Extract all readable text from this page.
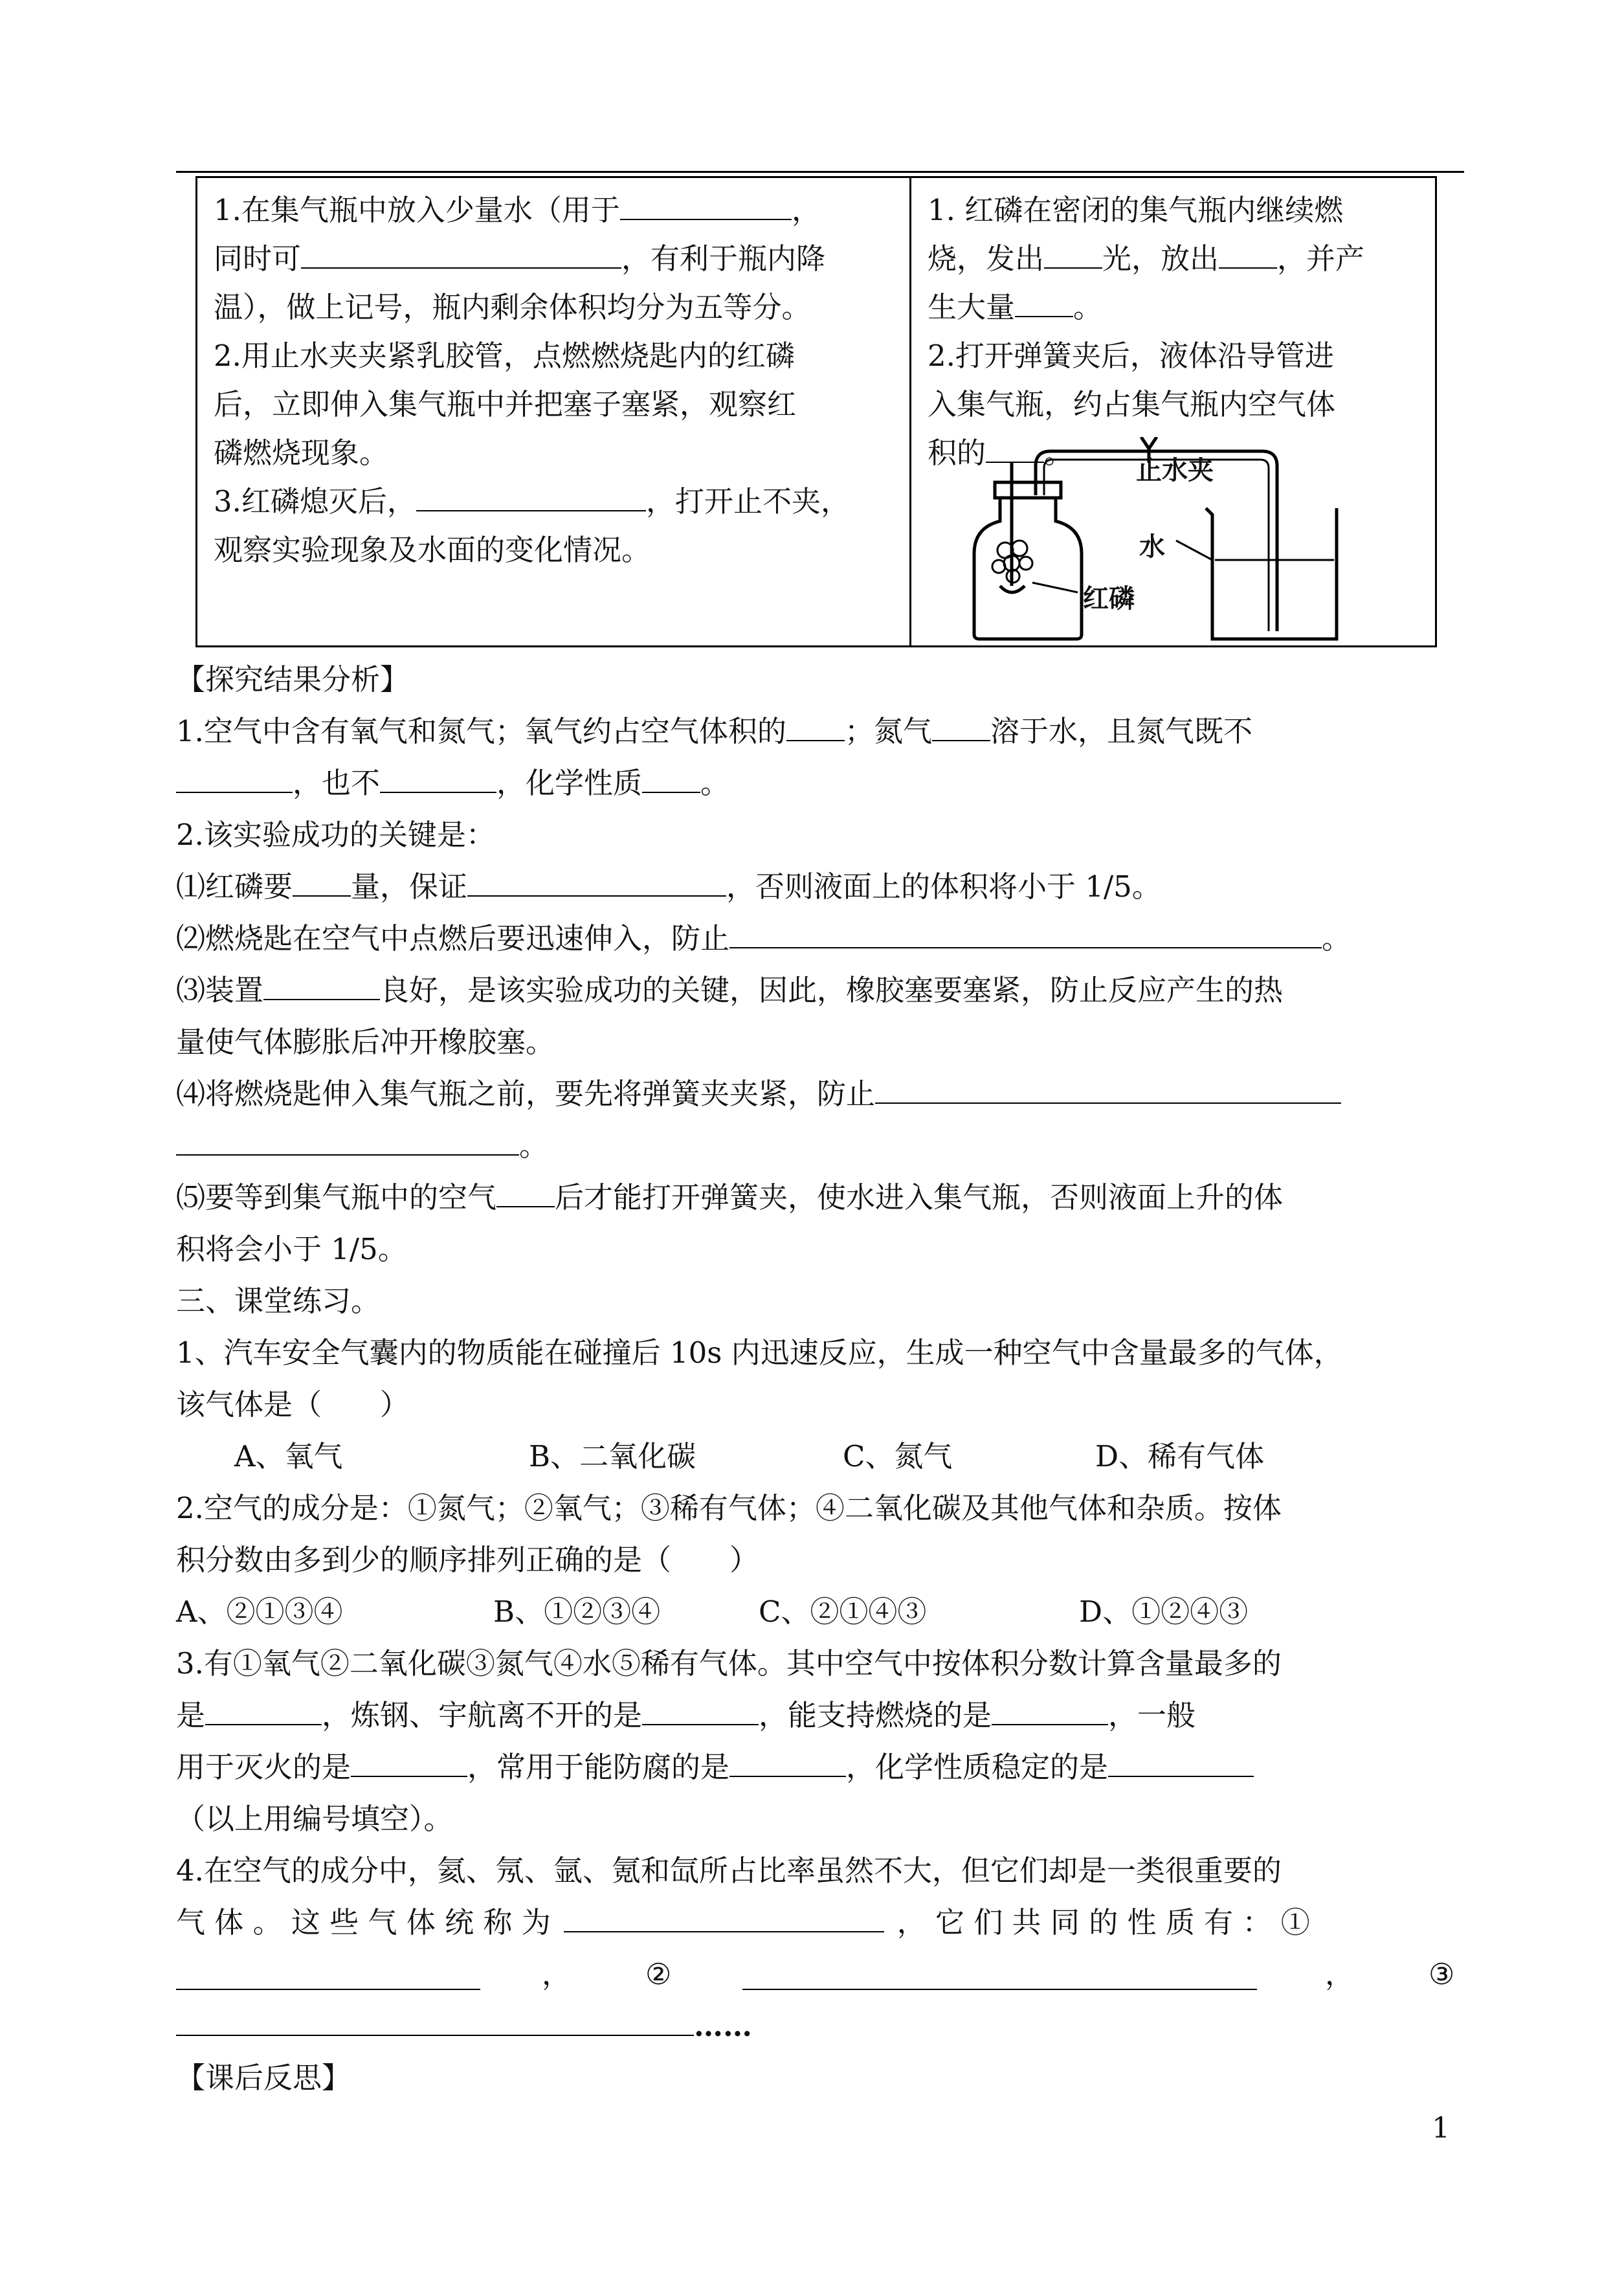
1.在集气瓶中放入少量水（用于	，

同时可	，有利于瓶内降

温），做上记号，瓶内剩余体积均分为五等分。

2.用止水夹夹紧乳胶管，点燃燃烧匙内的红磷

后，立即伸入集气瓶中并把塞子塞紧，观察红

磷燃烧现象。

3.红磷熄灭后，	，打开止不夹，

观察实验现象及水面的变化情况。

1. 红磷在密闭的集气瓶内继续燃

烧，发出 光，放出 ，并产

生大量 。

2.打开弹簧夹后，液体沿导管进

入集气瓶，约占集气瓶内空气体

积的 。

止水夹
水
红磷
【探究结果分析】
1.空气中含有氧气和氮气；氧气约占空气体积的 ；氮气 溶于水，且氮气既不
，也不	，化学性质 。
2.该实验成功的关键是：
⑴红磷要 量，保证	，否则液面上的体积将小于 1/5。
⑵燃烧匙在空气中点燃后要迅速伸入，防止	。
⑶装置	良好，是该实验成功的关键，因此，橡胶塞要塞紧，防止反应产生的热
量使气体膨胀后冲开橡胶塞。
⑷将燃烧匙伸入集气瓶之前，要先将弹簧夹夹紧，防止
。
⑸要等到集气瓶中的空气 后才能打开弹簧夹，使水进入集气瓶，否则液面上升的体
积将会小于 1/5。
三、课堂练习。
1、汽车安全气囊内的物质能在碰撞后 10s 内迅速反应，生成一种空气中含量最多的气体，
该气体是（　　）
A、氧气	B、二氧化碳	C、氮气	D、稀有气体
2.空气的成分是：①氮气；②氧气；③稀有气体；④二氧化碳及其他气体和杂质。按体
积分数由多到少的顺序排列正确的是（　　）
A、②①③④	B、①②③④	C、②①④③	D、①②④③
3.有①氧气②二氧化碳③氮气④水⑤稀有气体。其中空气中按体积分数计算含量最多的
是	，炼钢、宇航离不开的是	，能支持燃烧的是	，一般
用于灭火的是	，常用于能防腐的是	，化学性质稳定的是
（以上用编号填空）。
4.在空气的成分中，氦、氖、氩、氪和氙所占比率虽然不大，但它们却是一类很重要的
气 体 。 这 些 气 体 统 称 为	， 它 们 共 同 的 性 质 有 ： ①
，	②	，	③
……
【课后反思】
1
